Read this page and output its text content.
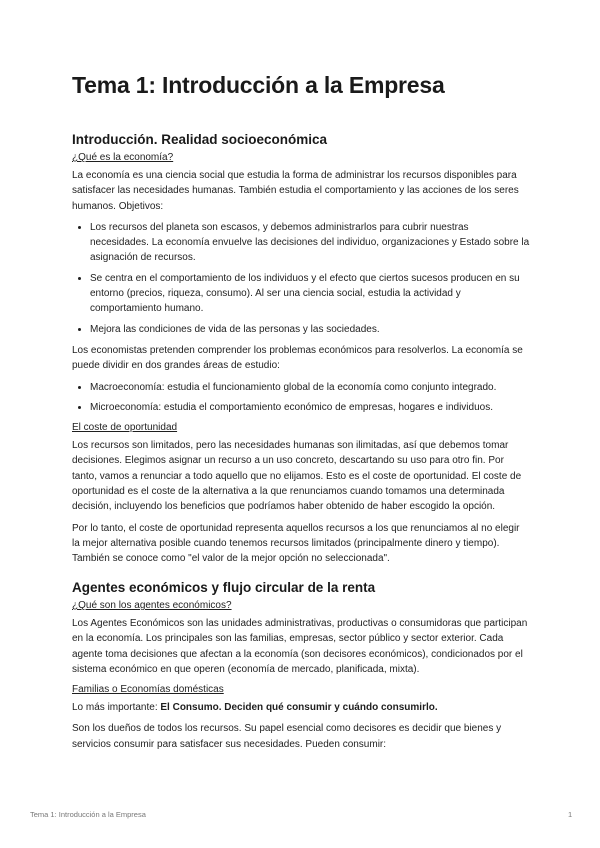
Tema 1: Introducción a la Empresa
Introducción. Realidad socioeconómica
¿Qué es la economía?

La economía es una ciencia social que estudia la forma de administrar los recursos disponibles para satisfacer las necesidades humanas. También estudia el comportamiento y las acciones de los seres humanos. Objetivos:

• Los recursos del planeta son escasos, y debemos administrarlos para cubrir nuestras necesidades. La economía envuelve las decisiones del individuo, organizaciones y Estado sobre la asignación de recursos.
• Se centra en el comportamiento de los individuos y el efecto que ciertos sucesos producen en su entorno (precios, riqueza, consumo). Al ser una ciencia social, estudia la actividad y comportamiento humano.
• Mejora las condiciones de vida de las personas y las sociedades.

Los economistas pretenden comprender los problemas económicos para resolverlos. La economía se puede dividir en dos grandes áreas de estudio:

• Macroeconomía: estudia el funcionamiento global de la economía como conjunto integrado.
• Microeconomía: estudia el comportamiento económico de empresas, hogares e individuos.
El coste de oportunidad

Los recursos son limitados, pero las necesidades humanas son ilimitadas, así que debemos tomar decisiones. Elegimos asignar un recurso a un uso concreto, descartando su uso para otro fin. Por tanto, vamos a renunciar a todo aquello que no elijamos. Esto es el coste de oportunidad. El coste de oportunidad es el coste de la alternativa a la que renunciamos cuando tomamos una determinada decisión, incluyendo los beneficios que podríamos haber obtenido de haber escogido la opción.

Por lo tanto, el coste de oportunidad representa aquellos recursos a los que renunciamos al no elegir la mejor alternativa posible cuando tenemos recursos limitados (principalmente dinero y tiempo). También se conoce como "el valor de la mejor opción no seleccionada".

Agentes económicos y flujo circular de la renta
¿Qué son los agentes económicos?

Los Agentes Económicos son las unidades administrativas, productivas o consumidoras que participan en la economía. Los principales son las familias, empresas, sector público y sector exterior. Cada agente toma decisiones que afectan a la economía (son decisores económicos), condicionados por el sistema económico en que operen (economía de mercado, planificada, mixta).

Familias o Economías domésticas

Lo más importante: El Consumo. Deciden qué consumir y cuándo consumirlo.

Son los dueños de todos los recursos. Su papel esencial como decisores es decidir que bienes y servicios consumir para satisfacer sus necesidades. Pueden consumir:

Tema 1: Introducción a la Empresa	1
